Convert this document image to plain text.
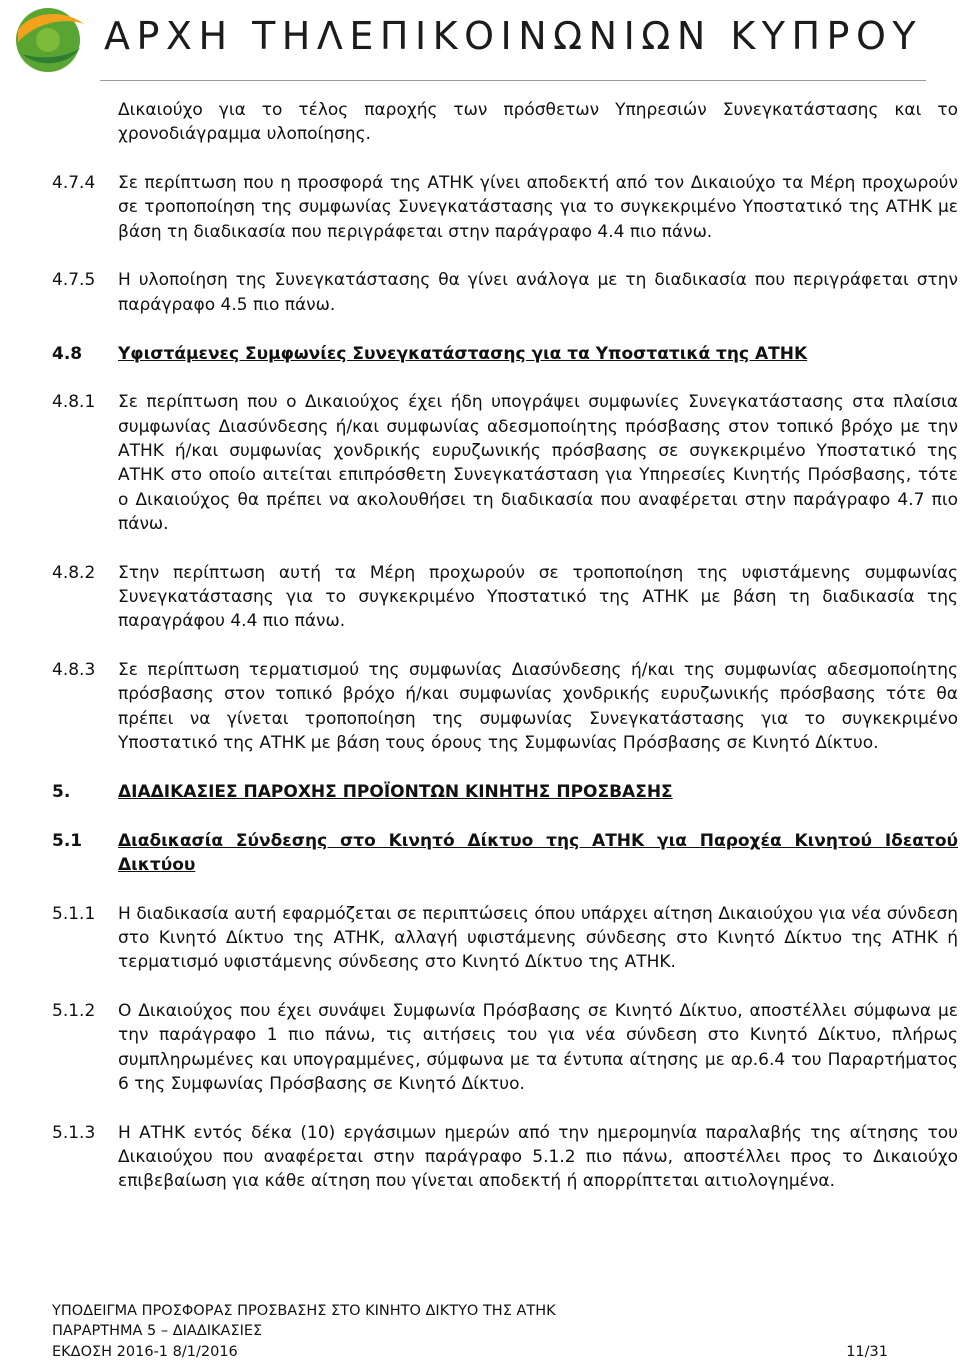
ΑΡΧΗ ΤΗΛΕΠΙΚΟΙΝΩΝΙΩΝ ΚΥΠΡΟΥ

Δικαιούχο για το τέλος παροχής των πρόσθετων Υπηρεσιών Συνεγκατάστασης και το χρονοδιάγραμμα υλοποίησης.

4.7.4 Σε περίπτωση που η προσφορά της ΑΤΗΚ γίνει αποδεκτή από τον Δικαιούχο τα Μέρη προχωρούν σε τροποποίηση της συμφωνίας Συνεγκατάστασης για το συγκεκριμένο Υποστατικό της ΑΤΗΚ με βάση τη διαδικασία που περιγράφεται στην παράγραφο 4.4 πιο πάνω.

4.7.5 Η υλοποίηση της Συνεγκατάστασης θα γίνει ανάλογα με τη διαδικασία που περιγράφεται στην παράγραφο 4.5 πιο πάνω.

4.8 Υφιστάμενες Συμφωνίες Συνεγκατάστασης για τα Υποστατικά της ΑΤΗΚ

4.8.1 Σε περίπτωση που ο Δικαιούχος έχει ήδη υπογράψει συμφωνίες Συνεγκατάστασης στα πλαίσια συμφωνίας Διασύνδεσης ή/και συμφωνίας αδεσμοποίητης πρόσβασης στον τοπικό βρόχο με την ΑΤΗΚ ή/και συμφωνίας χονδρικής ευρυζωνικής πρόσβασης σε συγκεκριμένο Υποστατικό της ΑΤΗΚ στο οποίο αιτείται επιπρόσθετη Συνεγκατάσταση για Υπηρεσίες Κινητής Πρόσβασης, τότε ο Δικαιούχος θα πρέπει να ακολουθήσει τη διαδικασία που αναφέρεται στην παράγραφο 4.7 πιο πάνω.

4.8.2 Στην περίπτωση αυτή τα Μέρη προχωρούν σε τροποποίηση της υφιστάμενης συμφωνίας Συνεγκατάστασης για το συγκεκριμένο Υποστατικό της ΑΤΗΚ με βάση τη διαδικασία της παραγράφου 4.4 πιο πάνω.

4.8.3 Σε περίπτωση τερματισμού της συμφωνίας Διασύνδεσης ή/και της συμφωνίας αδεσμοποίητης πρόσβασης στον τοπικό βρόχο ή/και συμφωνίας χονδρικής ευρυζωνικής πρόσβασης τότε θα πρέπει να γίνεται τροποποίηση της συμφωνίας Συνεγκατάστασης για το συγκεκριμένο Υποστατικό της ΑΤΗΚ με βάση τους όρους της Συμφωνίας Πρόσβασης σε Κινητό Δίκτυο.

5.	ΔΙΑΔΙΚΑΣΙΕΣ ΠΑΡΟΧΗΣ ΠΡΟΪΟΝΤΩΝ ΚΙΝΗΤΗΣ ΠΡΟΣΒΑΣΗΣ

5.1 Διαδικασία Σύνδεσης στο Κινητό Δίκτυο της ΑΤΗΚ για Παροχέα Κινητού Ιδεατού Δικτύου

5.1.1 Η διαδικασία αυτή εφαρμόζεται σε περιπτώσεις όπου υπάρχει αίτηση Δικαιούχου για νέα σύνδεση στο Κινητό Δίκτυο της ΑΤΗΚ, αλλαγή υφιστάμενης σύνδεσης στο Κινητό Δίκτυο της ΑΤΗΚ ή τερματισμό υφιστάμενης σύνδεσης στο Κινητό Δίκτυο της ΑΤΗΚ.

5.1.2 Ο Δικαιούχος που έχει συνάψει Συμφωνία Πρόσβασης σε Κινητό Δίκτυο, αποστέλλει σύμφωνα με την παράγραφο 1 πιο πάνω, τις αιτήσεις του για νέα σύνδεση στο Κινητό Δίκτυο, πλήρως συμπληρωμένες και υπογραμμένες, σύμφωνα με τα έντυπα αίτησης με αρ.6.4 του Παραρτήματος 6 της Συμφωνίας Πρόσβασης σε Κινητό Δίκτυο.

5.1.3 Η ΑΤΗΚ εντός δέκα (10) εργάσιμων ημερών από την ημερομηνία παραλαβής της αίτησης του Δικαιούχου που αναφέρεται στην παράγραφο 5.1.2 πιο πάνω, αποστέλλει προς το Δικαιούχο επιβεβαίωση για κάθε αίτηση που γίνεται αποδεκτή ή απορρίπτεται αιτιολογημένα.

ΥΠΟΔΕΙΓΜΑ ΠΡΟΣΦΟΡΑΣ ΠΡΟΣΒΑΣΗΣ ΣΤΟ ΚΙΝΗΤΟ ΔΙΚΤΥΟ ΤΗΣ ΑΤΗΚ
ΠΑΡΑΡΤΗΜΑ 5 – ΔΙΑΔΙΚΑΣΙΕΣ
ΕΚΔΟΣΗ 2016-1 8/1/2016	11/31
